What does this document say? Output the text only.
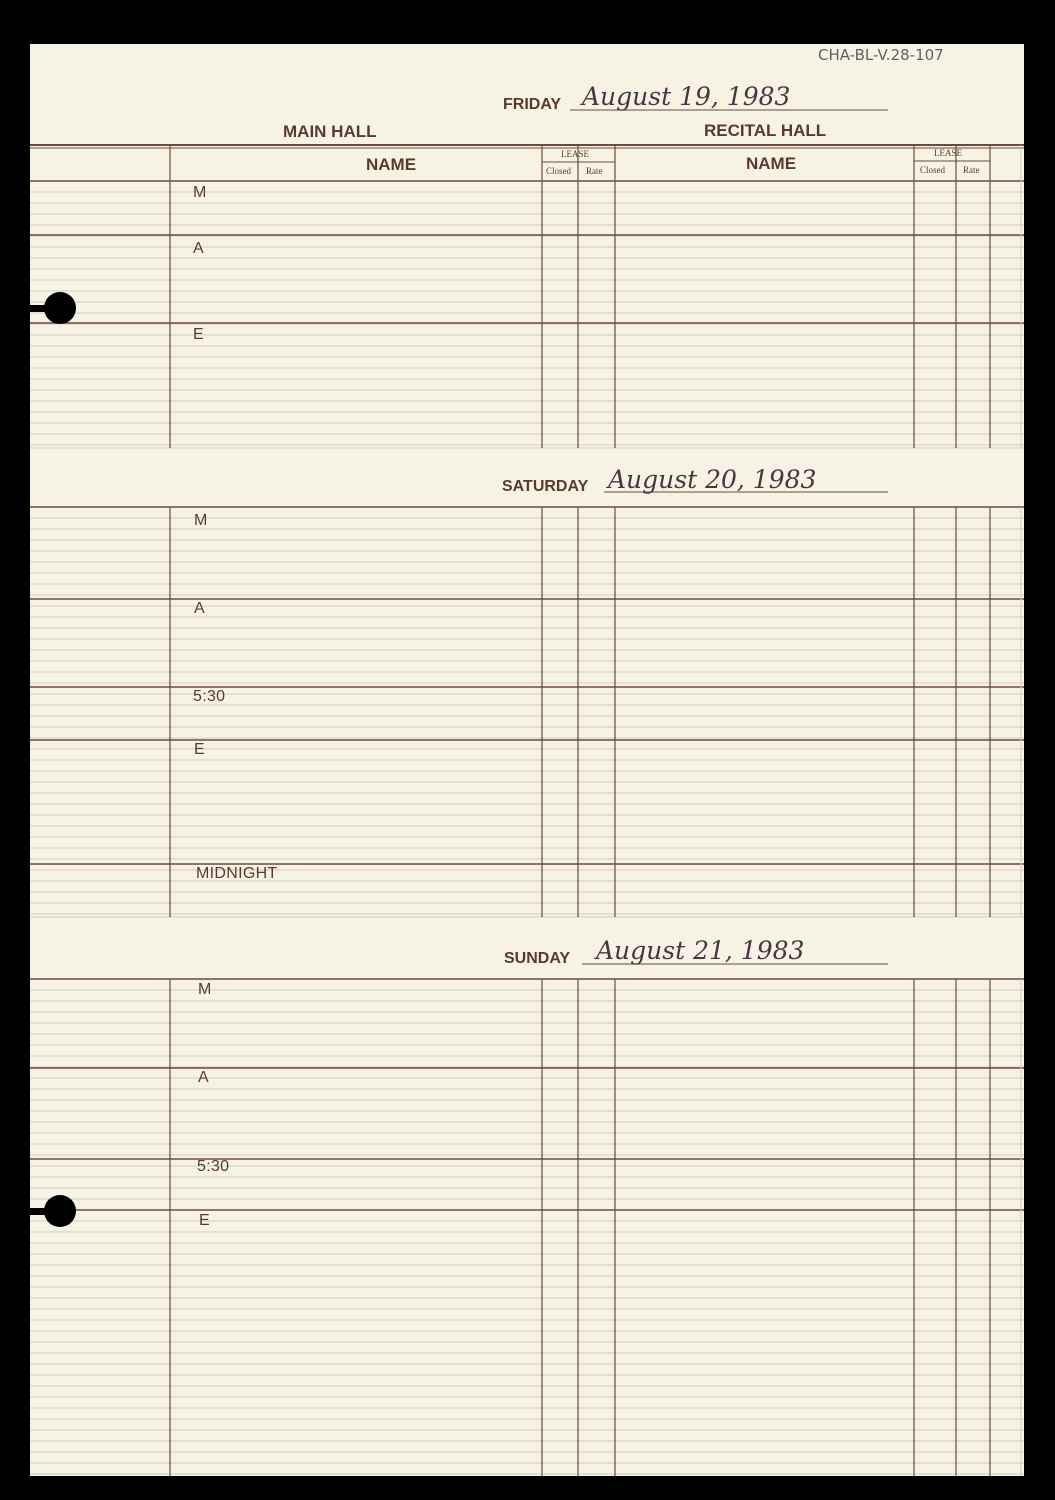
CHA-BL-V.28-107
MAIN HALL	RECITAL HALL
NAME	NAME
LEASE
Closed Rate
LEASE
Closed Rate
FRIDAY August 19, 1983
M
A
E
SATURDAY August 20, 1983
M
A
5:30
E
MIDNIGHT
SUNDAY August 21, 1983
M
A
5:30
E
